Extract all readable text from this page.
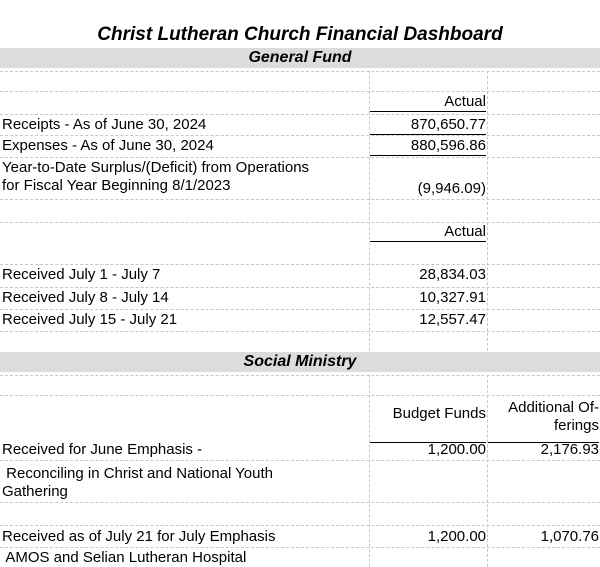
Christ Lutheran Church Financial Dashboard
General Fund
Actual
Receipts - As of June 30, 2024	870,650.77
Expenses - As of June 30, 2024	880,596.86
Year-to-Date Surplus/(Deficit) from Operations
for Fiscal Year Beginning 8/1/2023	(9,946.09)
Actual
Received July 1 - July 7	28,834.03
Received July 8 - July 14	10,327.91
Received July 15 - July 21	12,557.47
Social Ministry
Budget Funds	Additional Of-
ferings
Received for June Emphasis -	1,200.00	2,176.93
Reconciling in Christ and National Youth
Gathering
Received as of July 21 for July Emphasis	1,200.00	1,070.76
AMOS and Selian Lutheran Hospital
